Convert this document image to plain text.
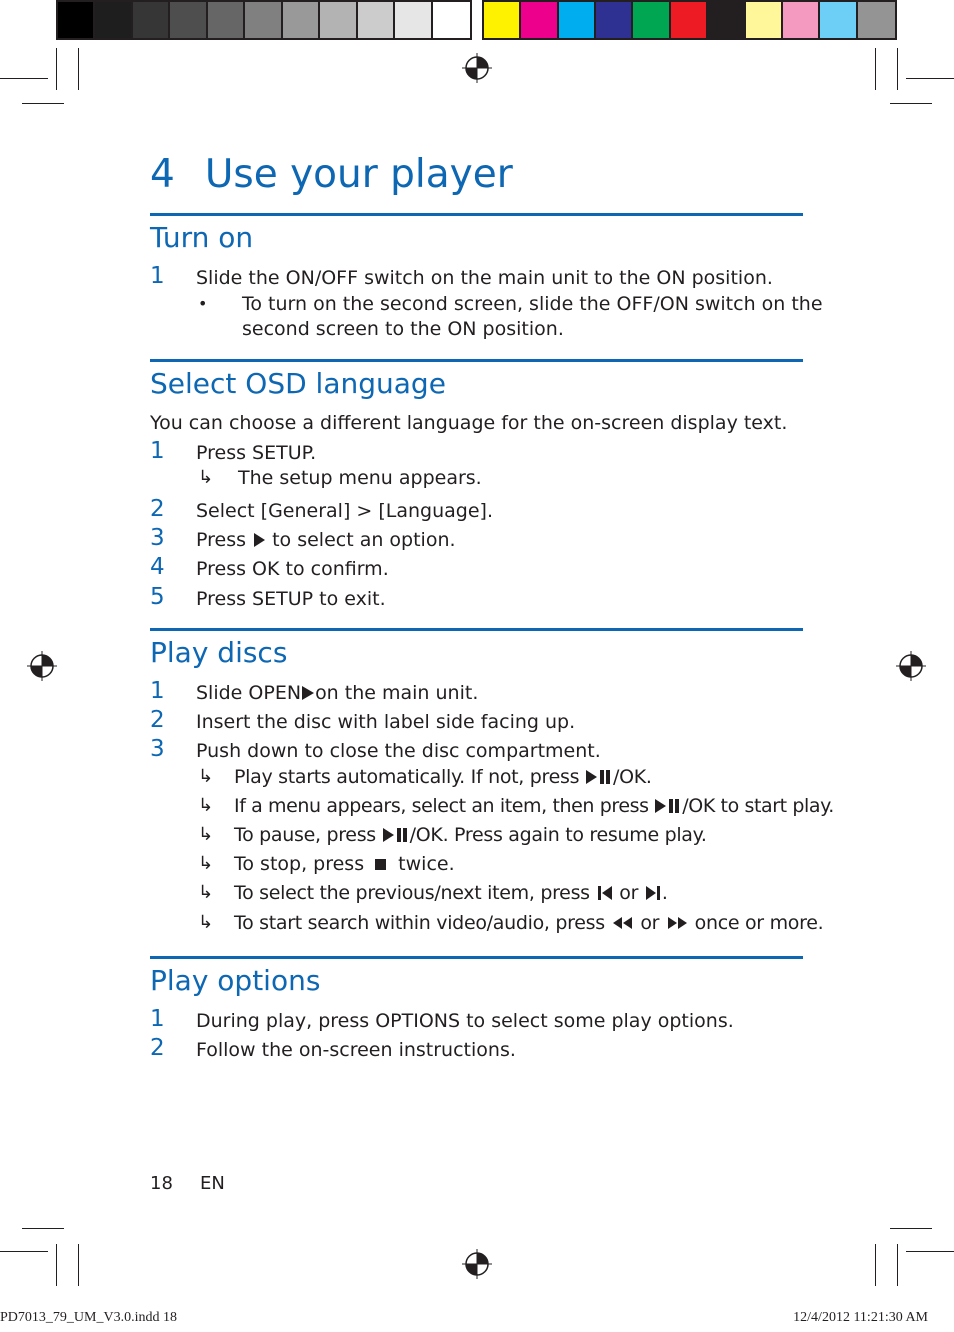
4 Use your player
Turn on
1 Slide the ON/OFF switch on the main unit to the ON position.
• To turn on the second screen, slide the OFF/ON switch on the
second screen to the ON position.
Select OSD language
You can choose a different language for the on-screen display text.
1 Press SETUP.
↳ The setup menu appears.
2 Select [General] > [Language].
3 Press  to select an option.
4 Press OK to confirm.
5 Press SETUP to exit.
Play discs
1 Slide OPEN on the main unit.
2 Insert the disc with label side facing up.
3 Push down to close the disc compartment.
↳ Play starts automatically. If not, press /OK.
↳ If a menu appears, select an item, then press /OK to start play.
↳ To pause, press /OK. Press again to resume play.
↳ To stop, press  twice.
↳ To select the previous/next item, press  or .
↳ To start search within video/audio, press  or  once or more.
Play options
1 During play, press OPTIONS to select some play options.
2 Follow the on-screen instructions.
18 EN
PD7013_79_UM_V3.0.indd 18	12/4/2012 11:21:30 AM
